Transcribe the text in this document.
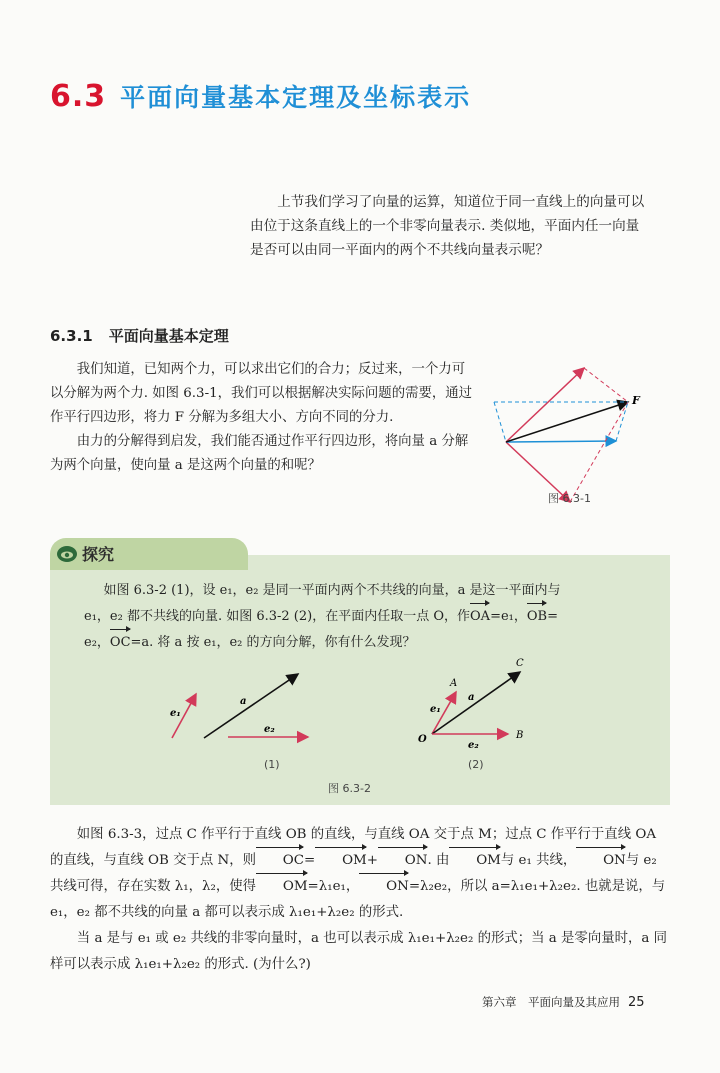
6.3 平面向量基本定理及坐标表示
上节我们学习了向量的运算，知道位于同一直线上的向量可以由位于这条直线上的一个非零向量表示. 类似地，平面内任一向量是否可以由同一平面内的两个不共线向量表示呢？
6.3.1 平面向量基本定理

我们知道，已知两个力，可以求出它们的合力；反过来，一个力可以分解为两个力. 如图 6.3-1，我们可以根据解决实际问题的需要，通过作平行四边形，将力 F 分解为多组大小、方向不同的分力.

由力的分解得到启发，我们能否通过作平行四边形，将向量 a 分解为两个向量，使向量 a 是这两个向量的和呢？

F
图 6.3-1
探究

如图 6.3-2 (1)，设 e₁，e₂ 是同一平面内两个不共线的向量，a 是这一平面内与

e₁，e₂ 都不共线的向量. 如图 6.3-2 (2)，在平面内任取一点 O，作OA=e₁，OB=
e₂，OC=a. 将 a 按 e₁，e₂ 的方向分解，你有什么发现？
e₁
a
e₂
(1)
O
A
B
C
e₁
a
e₂
(2)
图 6.3-2

如图 6.3-3，过点 C 作平行于直线 OB 的直线，与直线 OA 交于点 M；过点 C 作平行于直线 OA 的直线，与直线 OB 交于点 N，则 OC= OM+ ON. 由 OM与 e₁ 共线， ON与 e₂ 共线可得，存在实数 λ₁，λ₂，使得 OM=λ₁e₁， ON=λ₂e₂，所以 a=λ₁e₁+λ₂e₂. 也就是说，与 e₁，e₂ 都不共线的向量 a 都可以表示成 λ₁e₁+λ₂e₂ 的形式.

当 a 是与 e₁ 或 e₂ 共线的非零向量时，a 也可以表示成 λ₁e₁+λ₂e₂ 的形式；当 a 是零向量时，a 同样可以表示成 λ₁e₁+λ₂e₂ 的形式. (为什么?)

第六章　平面向量及其应用 25
